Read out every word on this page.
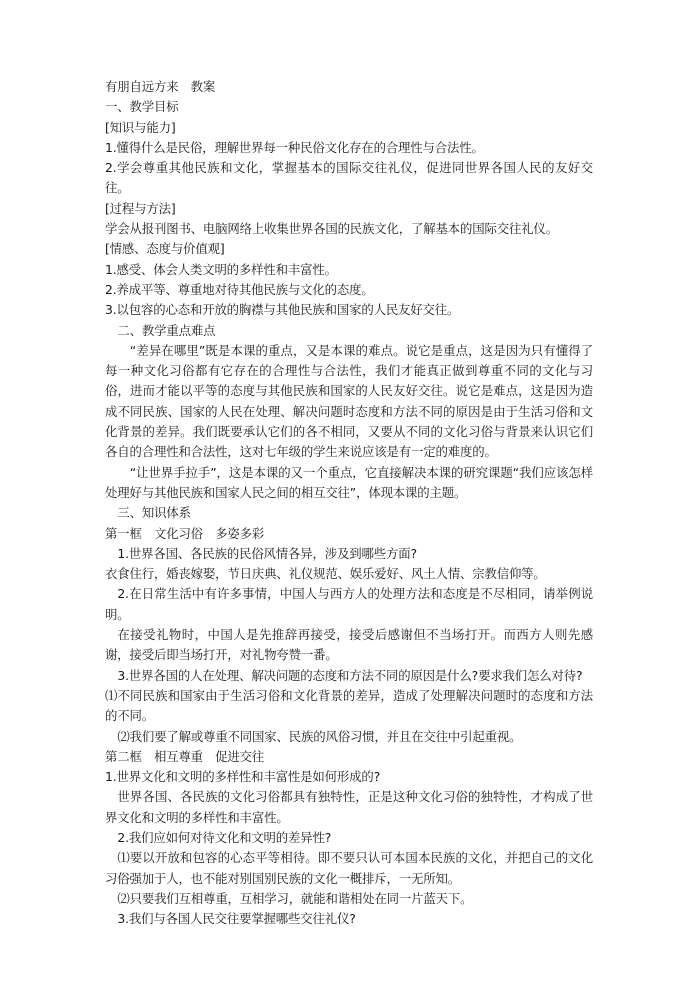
有朋自远方来　教案

一、教学目标

[知识与能力]

1.懂得什么是民俗，理解世界每一种民俗文化存在的合理性与合法性。

2.学会尊重其他民族和文化，掌握基本的国际交往礼仪，促进同世界各国人民的友好交往。

[过程与方法]

学会从报刊图书、电脑网络上收集世界各国的民族文化，了解基本的国际交往礼仪。

[情感、态度与价值观]

1.感受、体会人类文明的多样性和丰富性。

2.养成平等、尊重地对待其他民族与文化的态度。

3.以包容的心态和开放的胸襟与其他民族和国家的人民友好交往。

二、教学重点难点

“差异在哪里”既是本课的重点，又是本课的难点。说它是重点，这是因为只有懂得了每一种文化习俗都有它存在的合理性与合法性，我们才能真正做到尊重不同的文化与习俗，进而才能以平等的态度与其他民族和国家的人民友好交往。说它是难点，这是因为造成不同民族、国家的人民在处理、解决问题时态度和方法不同的原因是由于生活习俗和文化背景的差异。我们既要承认它们的各不相同，又要从不同的文化习俗与背景来认识它们各自的合理性和合法性，这对七年级的学生来说应该是有一定的难度的。

“让世界手拉手”，这是本课的又一个重点，它直接解决本课的研究课题“我们应该怎样处理好与其他民族和国家人民之间的相互交往”，体现本课的主题。

三、知识体系

第一框　文化习俗　多姿多彩

1.世界各国、各民族的民俗风情各异，涉及到哪些方面?

衣食住行，婚丧嫁娶，节日庆典、礼仪规范、娱乐爱好、风土人情、宗教信仰等。

2.在日常生活中有许多事情，中国人与西方人的处理方法和态度是不尽相同，请举例说明。

在接受礼物时，中国人是先推辞再接受，接受后感谢但不当场打开。而西方人则先感谢，接受后即当场打开，对礼物夸赞一番。

3.世界各国的人在处理、解决问题的态度和方法不同的原因是什么?要求我们怎么对待?

⑴不同民族和国家由于生活习俗和文化背景的差异，造成了处理解决问题时的态度和方法的不同。

⑵我们要了解或尊重不同国家、民族的风俗习惯，并且在交往中引起重视。

第二框　相互尊重　促进交往

1.世界文化和文明的多样性和丰富性是如何形成的?

世界各国、各民族的文化习俗都具有独特性，正是这种文化习俗的独特性，才构成了世界文化和文明的多样性和丰富性。

2.我们应如何对待文化和文明的差异性?

⑴要以开放和包容的心态平等相待。即不要只认可本国本民族的文化，并把自己的文化习俗强加于人，也不能对别国别民族的文化一概排斥，一无所知。

⑵只要我们互相尊重，互相学习，就能和谐相处在同一片蓝天下。

3.我们与各国人民交往要掌握哪些交往礼仪?
